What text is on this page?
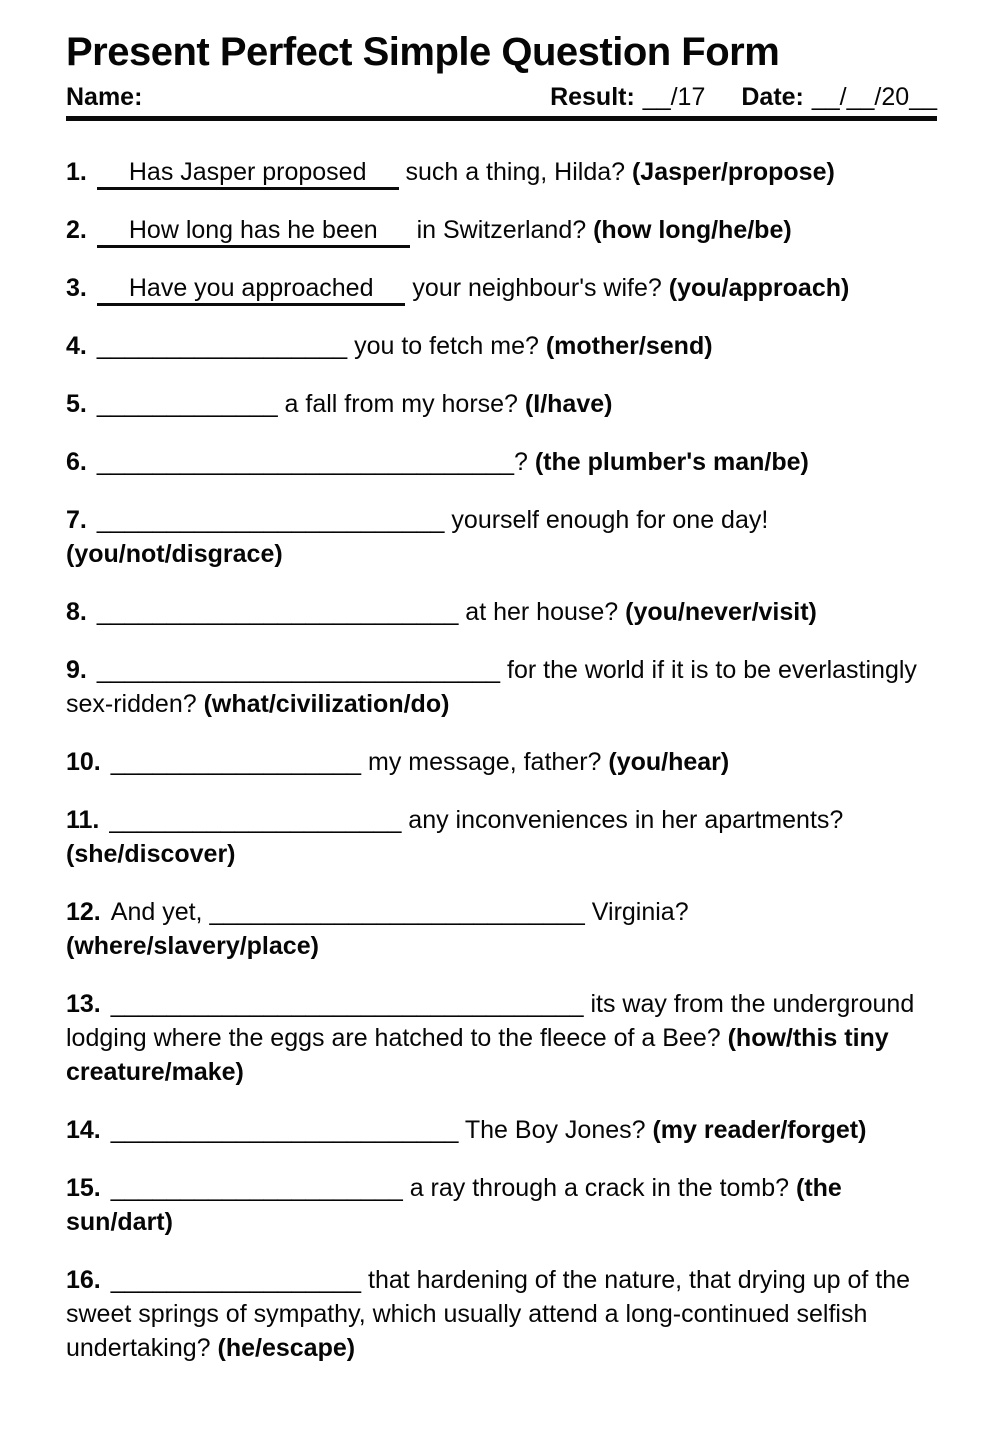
Present Perfect Simple Question Form
Name:	Result: __/17 Date: __/__/20__

1. Has Jasper proposed such a thing, Hilda? (Jasper/propose)

2. How long has he been in Switzerland? (how long/he/be)

3. Have you approached your neighbour's wife? (you/approach)

4. __________________ you to fetch me? (mother/send)

5. _____________ a fall from my horse? (I/have)

6. ______________________________? (the plumber's man/be)

7. _________________________ yourself enough for one day! (you/not/disgrace)

8. __________________________ at her house? (you/never/visit)

9. _____________________________ for the world if it is to be everlastingly sex-ridden? (what/civilization/do)

10. __________________ my message, father? (you/hear)

11. _____________________ any inconveniences in her apartments? (she/discover)

12. And yet, ___________________________ Virginia? (where/slavery/place)

13. __________________________________ its way from the underground lodging where the eggs are hatched to the fleece of a Bee? (how/this tiny creature/make)

14. _________________________ The Boy Jones? (my reader/forget)

15. _____________________ a ray through a crack in the tomb? (the sun/dart)

16. __________________ that hardening of the nature, that drying up of the sweet springs of sympathy, which usually attend a long-continued selfish undertaking? (he/escape)
